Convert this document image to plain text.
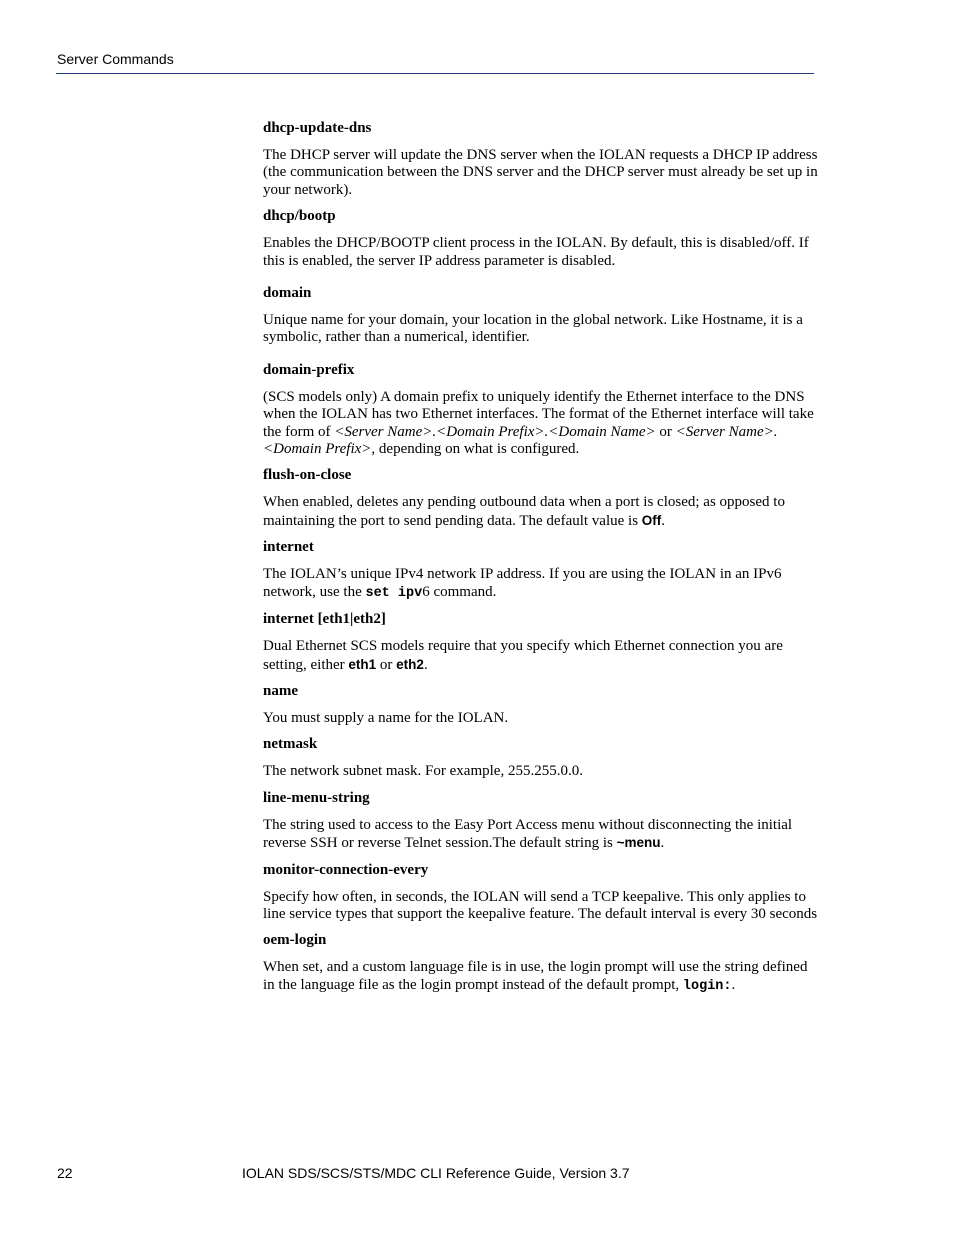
Server Commands
dhcp-update-dns
The DHCP server will update the DNS server when the IOLAN requests a DHCP IP address (the communication between the DNS server and the DHCP server must already be set up in your network).
dhcp/bootp
Enables the DHCP/BOOTP client process in the IOLAN. By default, this is disabled/off. If this is enabled, the server IP address parameter is disabled.
domain
Unique name for your domain, your location in the global network. Like Hostname, it is a symbolic, rather than a numerical, identifier.
domain-prefix
(SCS models only) A domain prefix to uniquely identify the Ethernet interface to the DNS when the IOLAN has two Ethernet interfaces. The format of the Ethernet interface will take the form of <Server Name>.<Domain Prefix>.<Domain Name> or <Server Name>.<Domain Prefix>, depending on what is configured.
flush-on-close
When enabled, deletes any pending outbound data when a port is closed; as opposed to maintaining the port to send pending data. The default value is Off.
internet
The IOLAN’s unique IPv4 network IP address. If you are using the IOLAN in an IPv6 network, use the set ipv6 command.
internet [eth1|eth2]
Dual Ethernet SCS models require that you specify which Ethernet connection you are setting, either eth1 or eth2.
name
You must supply a name for the IOLAN.
netmask
The network subnet mask. For example, 255.255.0.0.
line-menu-string
The string used to access to the Easy Port Access menu without disconnecting the initial reverse SSH or reverse Telnet session.The default string is ~menu.
monitor-connection-every
Specify how often, in seconds, the IOLAN will send a TCP keepalive. This only applies to line service types that support the keepalive feature. The default interval is every 30 seconds
oem-login
When set, and a custom language file is in use, the login prompt will use the string defined in the language file as the login prompt instead of the default prompt, login:.
22	IOLAN SDS/SCS/STS/MDC CLI Reference Guide, Version 3.7
